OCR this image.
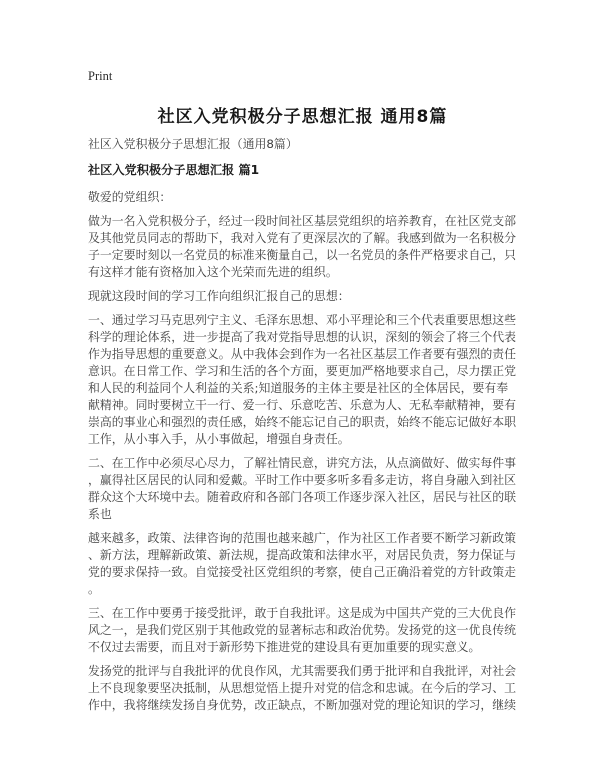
Print
社区入党积极分子思想汇报 通用8篇

社区入党积极分子思想汇报（通用8篇）

社区入党积极分子思想汇报 篇1

敬爱的党组织：

做为一名入党积极分子，经过一段时间社区基层党组织的培养教育，在社区党支部及其他党员同志的帮助下，我对入党有了更深层次的了解。我感到做为一名积极分子一定要时刻以一名党员的标准来衡量自己，以一名党员的条件严格要求自己，只有这样才能有资格加入这个光荣而先进的组织。

现就这段时间的学习工作向组织汇报自己的思想：

一、通过学习马克思列宁主义、毛泽东思想、邓小平理论和三个代表重要思想这些科学的理论体系，进一步提高了我对党指导思想的认识，深刻的领会了将三个代表作为指导思想的重要意义。从中我体会到作为一名社区基层工作者要有强烈的责任意识。在日常工作、学习和生活的各个方面，要更加严格地要求自己，尽力摆正党和人民的利益同个人利益的关系;知道服务的主体主要是社区的全体居民，要有奉献精神。同时要树立干一行、爱一行、乐意吃苦、乐意为人、无私奉献精神，要有崇高的事业心和强烈的责任感，始终不能忘记自己的职责，始终不能忘记做好本职工作，从小事入手，从小事做起，增强自身责任。

二、在工作中必须尽心尽力，了解社情民意，讲究方法，从点滴做好、做实每件事，赢得社区居民的认同和爱戴。平时工作中要多听多看多走访，将自身融入到社区群众这个大环境中去。随着政府和各部门各项工作逐步深入社区，居民与社区的联系也

越来越多，政策、法律咨询的范围也越来越广，作为社区工作者要不断学习新政策、新方法，理解新政策、新法规，提高政策和法律水平，对居民负责，努力保证与党的要求保持一致。自觉接受社区党组织的考察，使自己正确沿着党的方针政策走。

三、在工作中要勇于接受批评，敢于自我批评。这是成为中国共产党的三大优良作风之一，是我们党区别于其他政党的显著标志和政治优势。发扬党的这一优良传统不仅过去需要，而且对于新形势下推进党的建设具有更加重要的现实意义。

发扬党的批评与自我批评的优良作风，尤其需要我们勇于批评和自我批评，对社会上不良现象要坚决抵制，从思想觉悟上提升对党的信念和忠诚。在今后的学习、工作中，我将继续发扬自身优势，改正缺点，不断加强对党的理论知识的学习，继续
